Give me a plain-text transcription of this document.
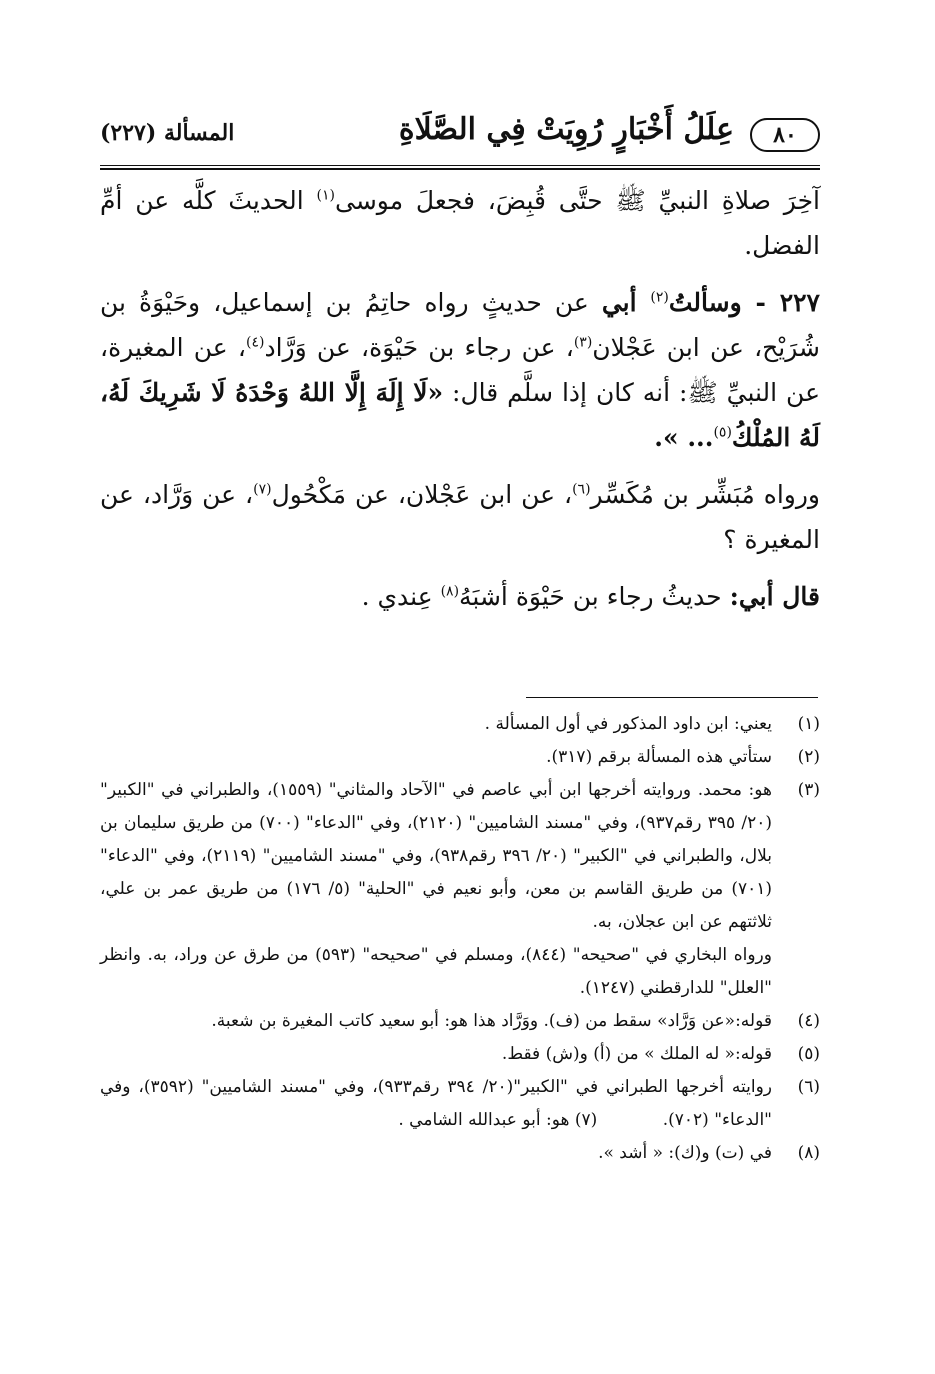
٨٠
عِلَلُ أَخْبَارٍ رُوِيَتْ فِي الصَّلَاةِ
المسألة (٢٢٧)

آخِرَ صلاةِ النبيِّ ﷺ حتَّى قُبِضَ، فجعلَ موسى$^{(١)}$ الحديثَ كلَّه عن أمِّ الفضل.

٢٢٧ - وسألتُ$^{(٢)}$ أبي عن حديثٍ رواه حاتِمُ بن إسماعيل، وحَيْوَةُ بن شُرَيْح، عن ابن عَجْلان$^{(٣)}$، عن رجاء بن حَيْوَة، عن وَرَّاد$^{(٤)}$، عن المغيرة، عن النبيِّ ﷺ: أنه كان إذا سلَّم قال: «لَا إِلَهَ إِلَّا اللهُ وَحْدَهُ لَا شَرِيكَ لَهُ، لَهُ المُلْكُ$^{(٥)}$... ».

ورواه مُبَشِّر بن مُكَسِّر$^{(٦)}$، عن ابن عَجْلان، عن مَكْحُول$^{(٧)}$، عن وَرَّاد، عن المغيرة ؟

قال أبي: حديثُ رجاء بن حَيْوَة أشبَهُ$^{(٨)}$ عِندي .

(١)
يعني: ابن داود المذكور في أول المسألة .
(٢)
ستأتي هذه المسألة برقم (٣١٧).
(٣)

هو: محمد. وروايته أخرجها ابن أبي عاصم في "الآحاد والمثاني" (١٥٥٩)، والطبراني في "الكبير" (٢٠/ ٣٩٥ رقم٩٣٧)، وفي "مسند الشاميين" (٢١٢٠)، وفي "الدعاء" (٧٠٠) من طريق سليمان بن بلال، والطبراني في "الكبير" (٢٠/ ٣٩٦ رقم٩٣٨)، وفي "مسند الشاميين" (٢١١٩)، وفي "الدعاء" (٧٠١) من طريق القاسم بن معن، وأبو نعيم في "الحلية" (٥/ ١٧٦) من طريق عمر بن علي، ثلاثتهم عن ابن عجلان، به.

ورواه البخاري في "صحيحه" (٨٤٤)، ومسلم في "صحيحه" (٥٩٣) من طرق عن وراد، به. وانظر "العلل" للدارقطني (١٢٤٧).

(٤)
قوله:«عن وَرَّاد» سقط من (ف). ووَرَّاد هذا هو: أبو سعيد كاتب المغيرة بن شعبة.
(٥)
قوله:« له الملك » من (أ) و(ش) فقط.
(٦)
روايته أخرجها الطبراني في "الكبير"(٢٠/ ٣٩٤ رقم٩٣٣)، وفي "مسند الشاميين" (٣٥٩٢)، وفي "الدعاء" (٧٠٢). (٧) هو: أبو عبدالله الشامي .
(٨)
في (ت) و(ك): « أشد ».
